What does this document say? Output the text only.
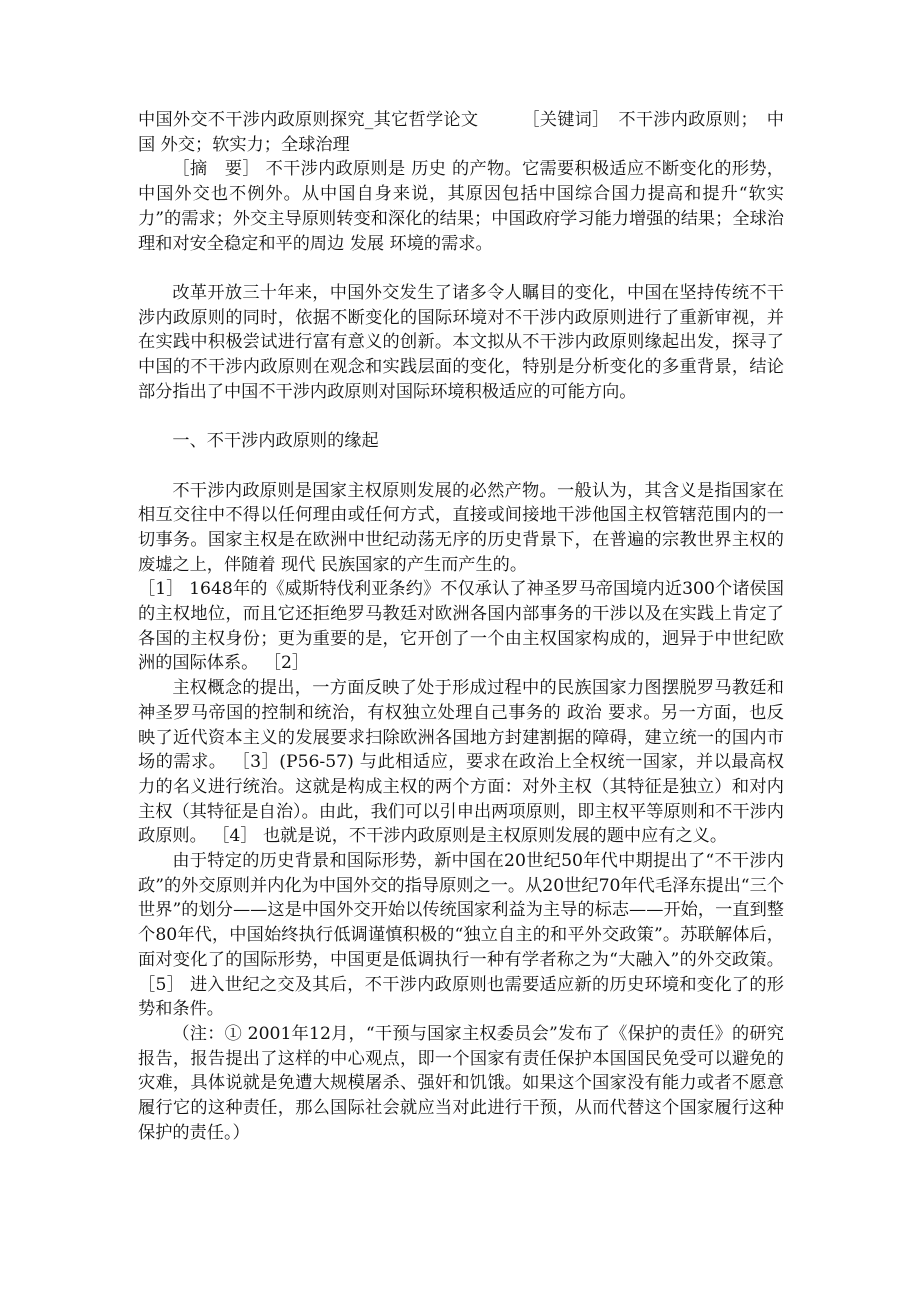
中国外交不干涉内政原则探究_其它哲学论文	［关键词］　 不干涉内政原则；　中国 外交；软实力；全球治理

［摘　要］ 不干涉内政原则是 历史 的产物。它需要积极适应不断变化的形势，中国外交也不例外。从中国自身来说，其原因包括中国综合国力提高和提升“软实力”的需求；外交主导原则转变和深化的结果；中国政府学习能力增强的结果；全球治理和对安全稳定和平的周边 发展 环境的需求。

改革开放三十年来，中国外交发生了诸多令人瞩目的变化，中国在坚持传统不干涉内政原则的同时，依据不断变化的国际环境对不干涉内政原则进行了重新审视，并在实践中积极尝试进行富有意义的创新。本文拟从不干涉内政原则缘起出发，探寻了中国的不干涉内政原则在观念和实践层面的变化，特别是分析变化的多重背景，结论部分指出了中国不干涉内政原则对国际环境积极适应的可能方向。

一、不干涉内政原则的缘起

不干涉内政原则是国家主权原则发展的必然产物。一般认为，其含义是指国家在相互交往中不得以任何理由或任何方式，直接或间接地干涉他国主权管辖范围内的一切事务。国家主权是在欧洲中世纪动荡无序的历史背景下，在普遍的宗教世界主权的废墟之上，伴随着 现代 民族国家的产生而产生的。

［1］ 1648年的《威斯特伐利亚条约》不仅承认了神圣罗马帝国境内近300个诸侯国的主权地位，而且它还拒绝罗马教廷对欧洲各国内部事务的干涉以及在实践上肯定了各国的主权身份；更为重要的是，它开创了一个由主权国家构成的，迥异于中世纪欧洲的国际体系。 ［2］

主权概念的提出，一方面反映了处于形成过程中的民族国家力图摆脱罗马教廷和神圣罗马帝国的控制和统治，有权独立处理自己事务的 政治 要求。另一方面，也反映了近代资本主义的发展要求扫除欧洲各国地方封建割据的障碍，建立统一的国内市场的需求。 ［3］(P56-57) 与此相适应，要求在政治上全权统一国家，并以最高权力的名义进行统治。这就是构成主权的两个方面：对外主权（其特征是独立）和对内主权（其特征是自治）。由此，我们可以引申出两项原则，即主权平等原则和不干涉内政原则。 ［4］ 也就是说，不干涉内政原则是主权原则发展的题中应有之义。

由于特定的历史背景和国际形势，新中国在20世纪50年代中期提出了“不干涉内政”的外交原则并内化为中国外交的指导原则之一。从20世纪70年代毛泽东提出“三个世界”的划分——这是中国外交开始以传统国家利益为主导的标志——开始，一直到整个80年代，中国始终执行低调谨慎积极的“独立自主的和平外交政策”。苏联解体后，面对变化了的国际形势，中国更是低调执行一种有学者称之为“大融入”的外交政策。 ［5］ 进入世纪之交及其后，不干涉内政原则也需要适应新的历史环境和变化了的形势和条件。

（注：① 2001年12月，“干预与国家主权委员会”发布了《保护的责任》的研究报告，报告提出了这样的中心观点，即一个国家有责任保护本国国民免受可以避免的灾难，具体说就是免遭大规模屠杀、强奸和饥饿。如果这个国家没有能力或者不愿意履行它的这种责任，那么国际社会就应当对此进行干预，从而代替这个国家履行这种保护的责任。）
